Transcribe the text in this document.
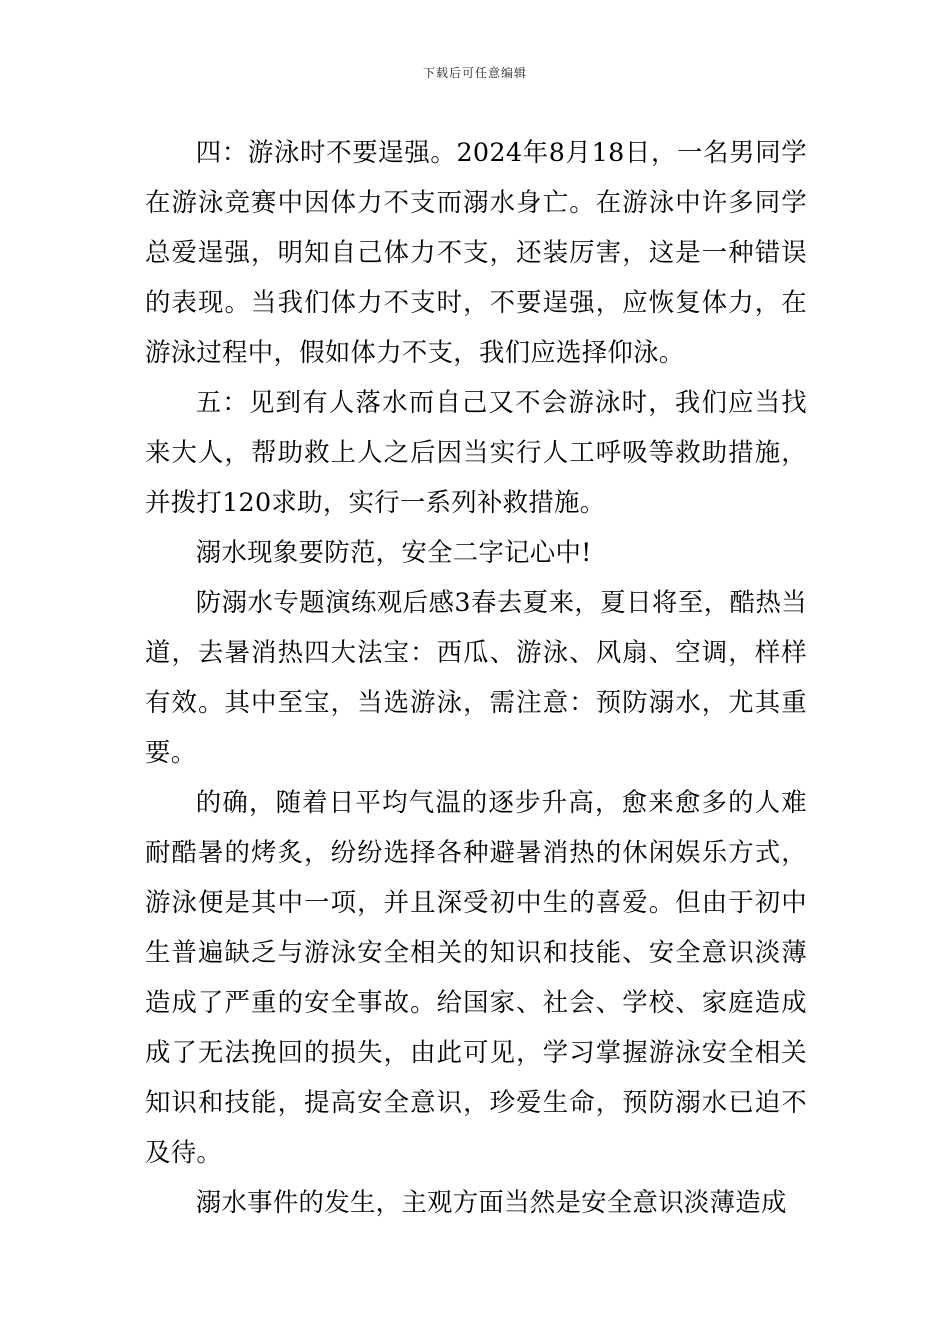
下载后可任意编辑

四：游泳时不要逞强。2024年8月18日，一名男同学在游泳竞赛中因体力不支而溺水身亡。在游泳中许多同学总爱逞强，明知自己体力不支，还装厉害，这是一种错误的表现。当我们体力不支时，不要逞强，应恢复体力，在游泳过程中，假如体力不支，我们应选择仰泳。

五：见到有人落水而自己又不会游泳时，我们应当找来大人，帮助救上人之后因当实行人工呼吸等救助措施，并拨打120求助，实行一系列补救措施。

溺水现象要防范，安全二字记心中!

防溺水专题演练观后感3春去夏来，夏日将至，酷热当道，去暑消热四大法宝：西瓜、游泳、风扇、空调，样样有效。其中至宝，当选游泳，需注意：预防溺水，尤其重要。

的确，随着日平均气温的逐步升高，愈来愈多的人难耐酷暑的烤炙，纷纷选择各种避暑消热的休闲娱乐方式，游泳便是其中一项，并且深受初中生的喜爱。但由于初中生普遍缺乏与游泳安全相关的知识和技能、安全意识淡薄造成了严重的安全事故。给国家、社会、学校、家庭造成成了无法挽回的损失，由此可见，学习掌握游泳安全相关知识和技能，提高安全意识，珍爱生命，预防溺水已迫不及待。

溺水事件的发生，主观方面当然是安全意识淡薄造成
